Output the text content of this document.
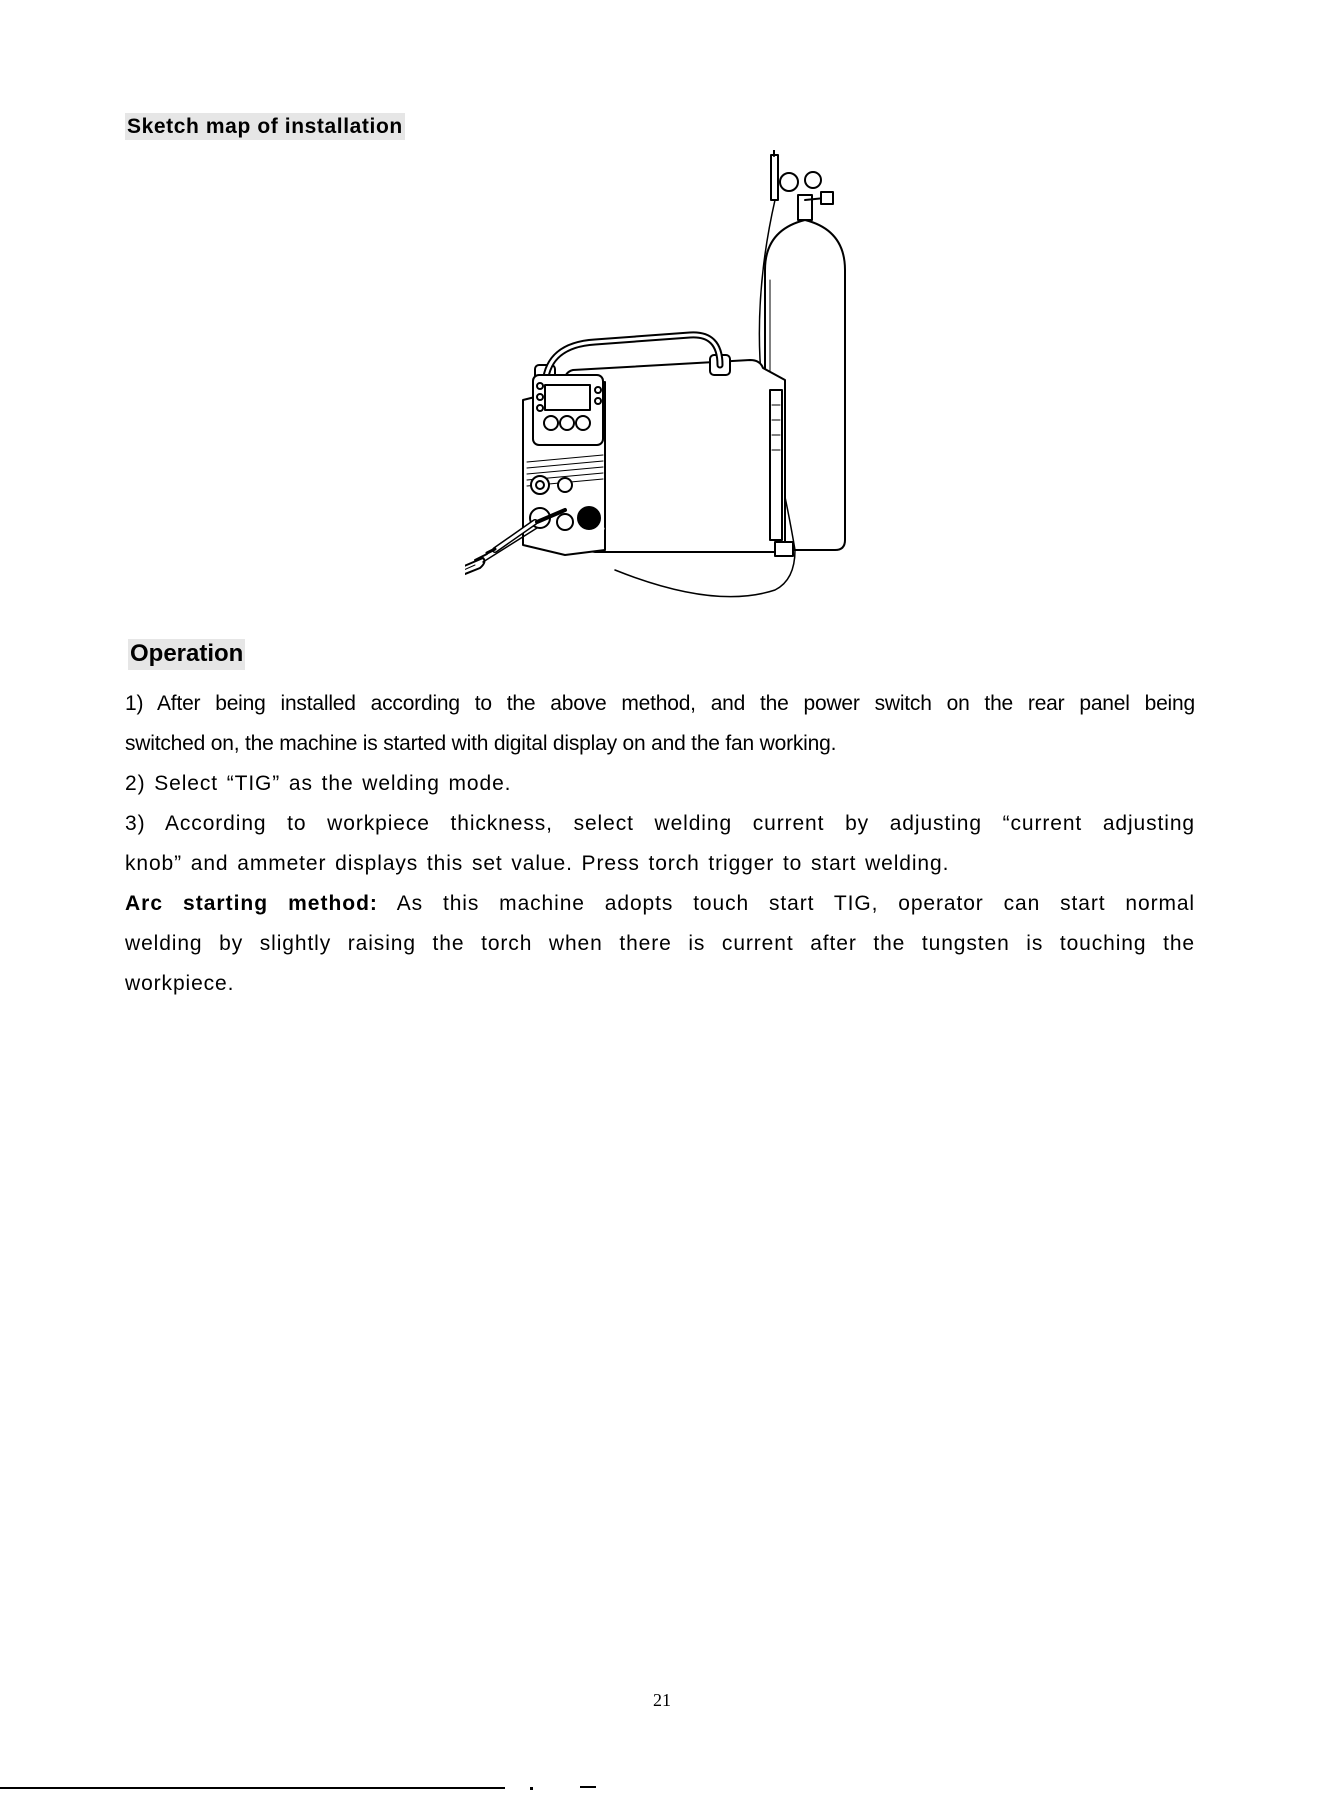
Sketch map of installation
Operation
1) After being installed according to the above method, and the power switch on the rear panel being
switched on, the machine is started with digital display on and the fan working.
2) Select “TIG” as the welding mode.
3) According to workpiece thickness, select welding current by adjusting “current adjusting
knob” and ammeter displays this set value. Press torch trigger to start welding.
Arc starting method: As this machine adopts touch start TIG, operator can start normal
welding by slightly raising the torch when there is current after the tungsten is touching the
workpiece.
21
